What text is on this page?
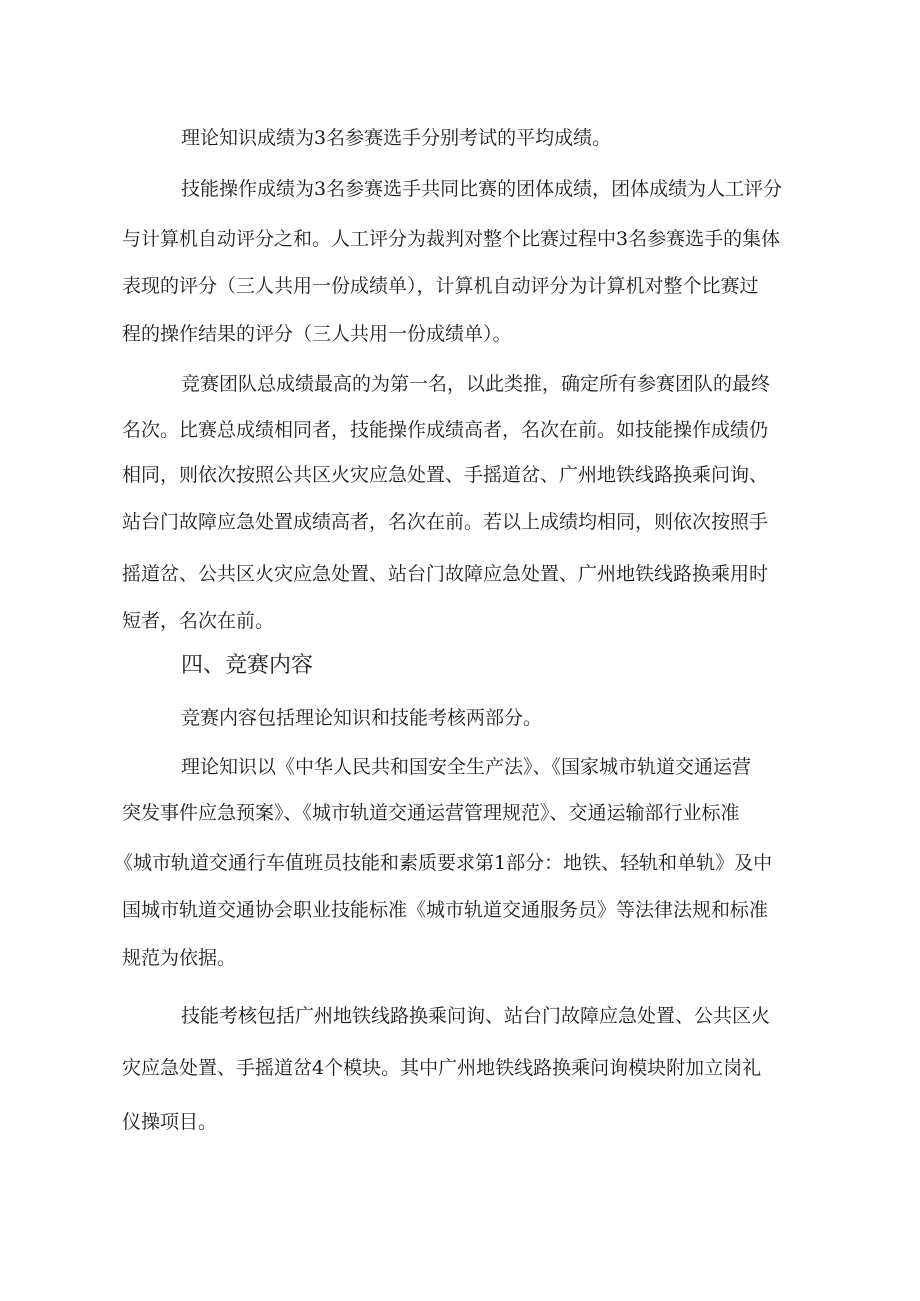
理论知识成绩为3名参赛选手分别考试的平均成绩。
技能操作成绩为3名参赛选手共同比赛的团体成绩，团体成绩为人工评分
与计算机自动评分之和。人工评分为裁判对整个比赛过程中3名参赛选手的集体
表现的评分（三人共用一份成绩单），计算机自动评分为计算机对整个比赛过
程的操作结果的评分（三人共用一份成绩单）。
竞赛团队总成绩最高的为第一名，以此类推，确定所有参赛团队的最终
名次。比赛总成绩相同者，技能操作成绩高者，名次在前。如技能操作成绩仍
相同，则依次按照公共区火灾应急处置、手摇道岔、广州地铁线路换乘问询、
站台门故障应急处置成绩高者，名次在前。若以上成绩均相同，则依次按照手
摇道岔、公共区火灾应急处置、站台门故障应急处置、广州地铁线路换乘用时
短者，名次在前。
四、竞赛内容
竞赛内容包括理论知识和技能考核两部分。
理论知识以《中华人民共和国安全生产法》、《国家城市轨道交通运营
突发事件应急预案》、《城市轨道交通运营管理规范》、交通运输部行业标准
《城市轨道交通行车值班员技能和素质要求第1部分：地铁、轻轨和单轨》及中
国城市轨道交通协会职业技能标准《城市轨道交通服务员》等法律法规和标准
规范为依据。
技能考核包括广州地铁线路换乘问询、站台门故障应急处置、公共区火
灾应急处置、手摇道岔4个模块。其中广州地铁线路换乘问询模块附加立岗礼
仪操项目。
